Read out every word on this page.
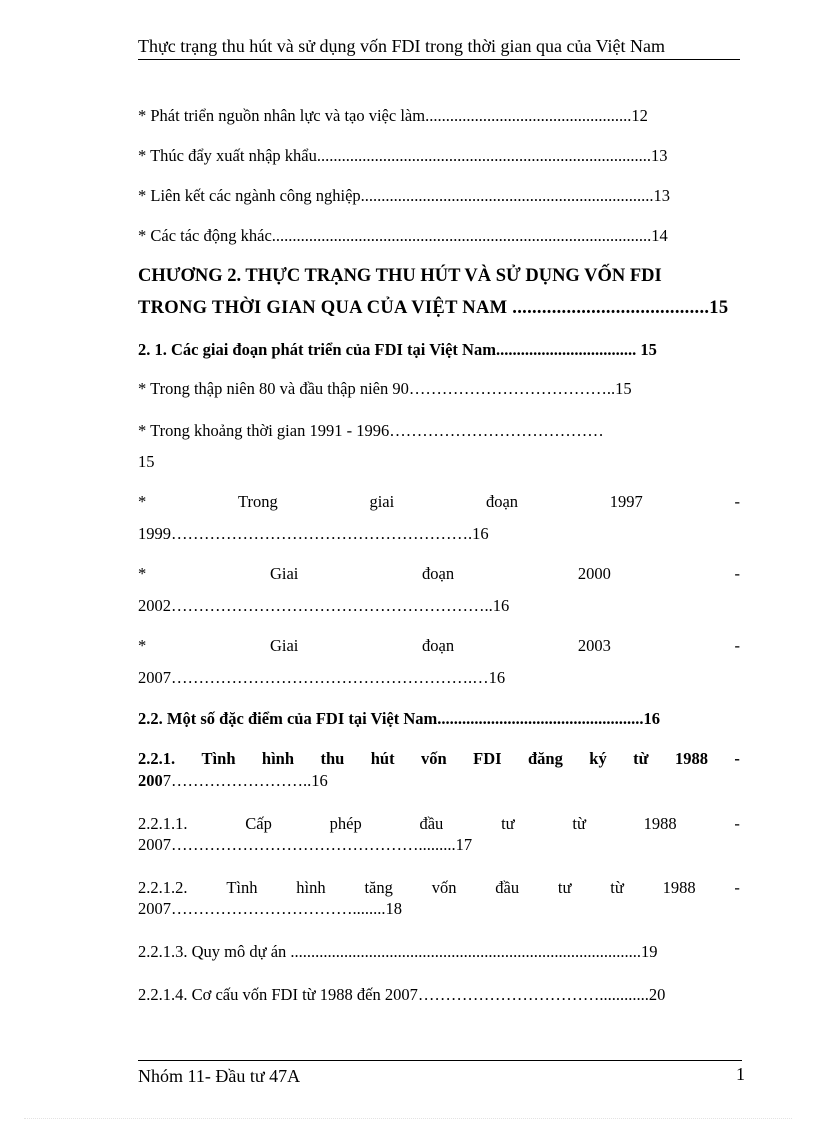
Thực trạng thu hút và sử dụng vốn FDI trong thời gian qua của Việt Nam
* Phát triển nguồn nhân lực và tạo việc làm..................................................12
* Thúc đẩy xuất nhập khẩu.................................................................................13
* Liên kết các ngành công nghiệp.......................................................................13
* Các tác động khác............................................................................................14
CHƯƠNG 2. THỰC TRẠNG THU HÚT VÀ SỬ DỤNG VỐN FDI
TRONG THỜI GIAN QUA CỦA VIỆT NAM ........................................15
2. 1. Các giai đoạn phát triển của FDI tại Việt Nam.................................. 15
* Trong thập niên 80 và đầu thập niên 90………………………………..15
* Trong khoảng thời gian 1991 - 1996…………………………………
15
*	Trong	giai	đoạn	1997	-
1999……………………………………………….16
*	Giai	đoạn	2000	-
2002…………………………………………………..16
*	Giai	đoạn	2003	-
2007……………………………………………….…16
2.2. Một số đặc điểm của FDI tại Việt Nam..................................................16
2.2.1. Tình hình thu hút vốn FDI đăng ký từ 1988 -
2007……………………..16
2.2.1.1.	Cấp	phép	đầu	tư	từ	1988	-
2007……………………………………….........17
2.2.1.2. Tình hình tăng vốn đầu tư từ 1988 -
2007……………………………........18
2.2.1.3. Quy mô dự án .....................................................................................19
2.2.1.4. Cơ cấu vốn FDI từ 1988 đến 2007……………………………............20
Nhóm 11- Đầu tư 47A	1
